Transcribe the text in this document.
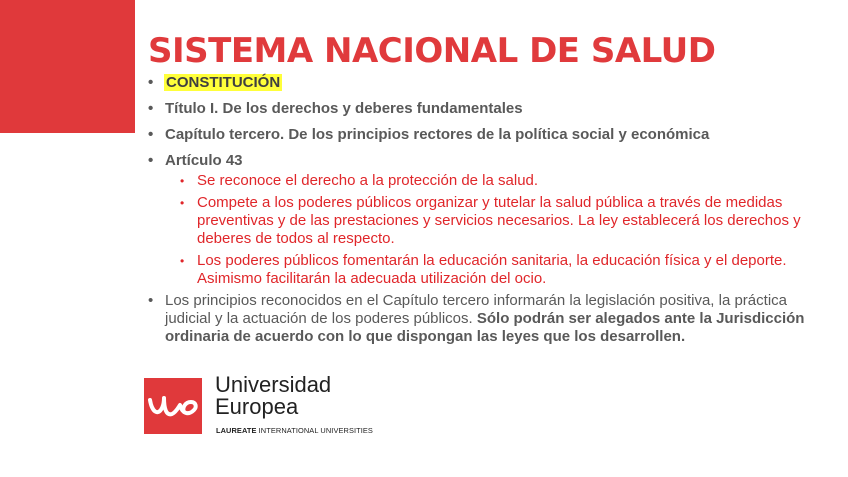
SISTEMA NACIONAL DE SALUD
• CONSTITUCIÓN
• Título I. De los derechos y deberes fundamentales
• Capítulo tercero. De los principios rectores de la política social y económica
• Artículo 43
• Se reconoce el derecho a la protección de la salud.
• Compete a los poderes públicos organizar y tutelar la salud pública a través de medidas preventivas y de las prestaciones y servicios necesarios. La ley establecerá los derechos y deberes de todos al respecto.
• Los poderes públicos fomentarán la educación sanitaria, la educación física y el deporte. Asimismo facilitarán la adecuada utilización del ocio.
• Los principios reconocidos en el Capítulo tercero informarán la legislación positiva, la práctica judicial y la actuación de los poderes públicos. Sólo podrán ser alegados ante la Jurisdicción ordinaria de acuerdo con lo que dispongan las leyes que los desarrollen.
Universidad
Europea
LAUREATE INTERNATIONAL UNIVERSITIES
